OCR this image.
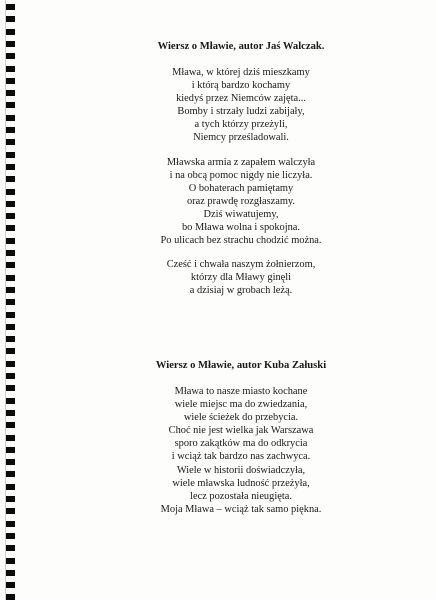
Wiersz o Mławie, autor Jaś Walczak.
Mława, w której dziś mieszkamy
i którą bardzo kochamy
kiedyś przez Niemców zajęta...
Bomby i strzały ludzi zabijały,
a tych którzy przeżyli,
Niemcy prześladowali.
Mławska armia z zapałem walczyła
i na obcą pomoc nigdy nie liczyła.
O bohaterach pamiętamy
oraz prawdę rozgłaszamy.
Dziś wiwatujemy,
bo Mława wolna i spokojna.
Po ulicach bez strachu chodzić można.
Cześć i chwała naszym żołnierzom,
którzy dla Mławy ginęli
a dzisiaj w grobach leżą.
Wiersz o Mławie, autor Kuba Załuski
Mława to nasze miasto kochane
wiele miejsc ma do zwiedzania,
wiele ścieżek do przebycia.
Choć nie jest wielka jak Warszawa
sporo zakątków ma do odkrycia
i wciąż tak bardzo nas zachwyca.
Wiele w historii doświadczyła,
wiele mławska ludność przeżyła,
lecz pozostała nieugięta.
Moja Mława – wciąż tak samo piękna.
